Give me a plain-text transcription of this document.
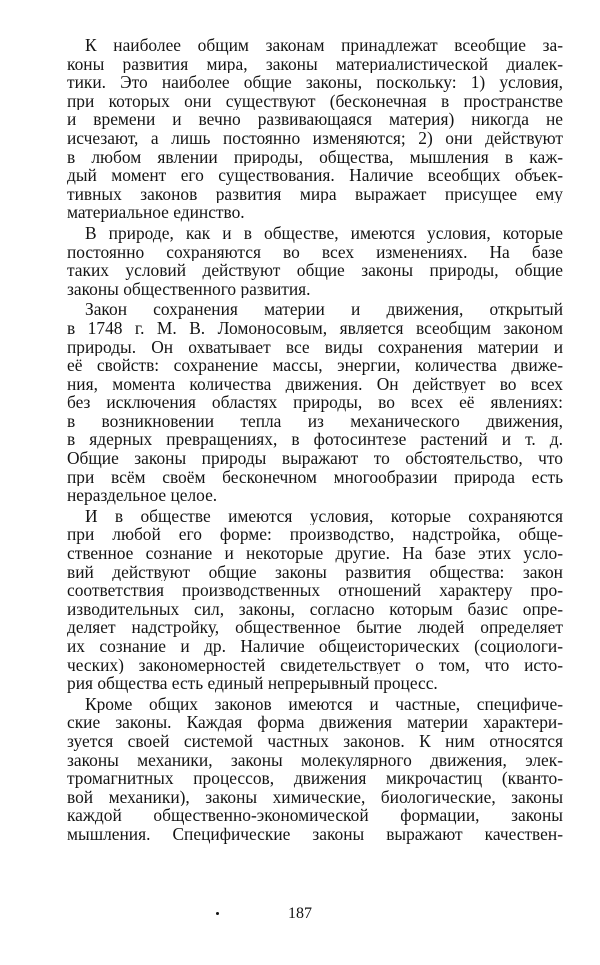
К наиболее общим законам принадлежат всеобщие за-
коны развития мира, законы материалистической диалек-
тики. Это наиболее общие законы, поскольку: 1) условия,
при которых они существуют (бесконечная в пространстве
и времени и вечно развивающаяся материя) никогда не
исчезают, а лишь постоянно изменяются; 2) они действуют
в любом явлении природы, общества, мышления в каж-
дый момент его существования. Наличие всеобщих объек-
тивных законов развития мира выражает присущее ему
материальное единство.
В природе, как и в обществе, имеются условия, которые
постоянно сохраняются во всех изменениях. На базе
таких условий действуют общие законы природы, общие
законы общественного развития.
Закон сохранения материи и движения, открытый
в 1748 г. М. В. Ломоносовым, является всеобщим законом
природы. Он охватывает все виды сохранения материи и
её свойств: сохранение массы, энергии, количества движе-
ния, момента количества движения. Он действует во всех
без исключения областях природы, во всех её явлениях:
в возникновении тепла из механического движения,
в ядерных превращениях, в фотосинтезе растений и т. д.
Общие законы природы выражают то обстоятельство, что
при всём своём бесконечном многообразии природа есть
нераздельное целое.
И в обществе имеются условия, которые сохраняются
при любой его форме: производство, надстройка, обще-
ственное сознание и некоторые другие. На базе этих усло-
вий действуют общие законы развития общества: закон
соответствия производственных отношений характеру про-
изводительных сил, законы, согласно которым базис опре-
деляет надстройку, общественное бытие людей определяет
их сознание и др. Наличие общеисторических (социологи-
ческих) закономерностей свидетельствует о том, что исто-
рия общества есть единый непрерывный процесс.
Кроме общих законов имеются и частные, специфиче-
ские законы. Каждая форма движения материи характери-
зуется своей системой частных законов. К ним относятся
законы механики, законы молекулярного движения, элек-
тромагнитных процессов, движения микрочастиц (кванто-
вой механики), законы химические, биологические, законы
каждой общественно-экономической формации, законы
мышления. Специфические законы выражают качествен-
187
